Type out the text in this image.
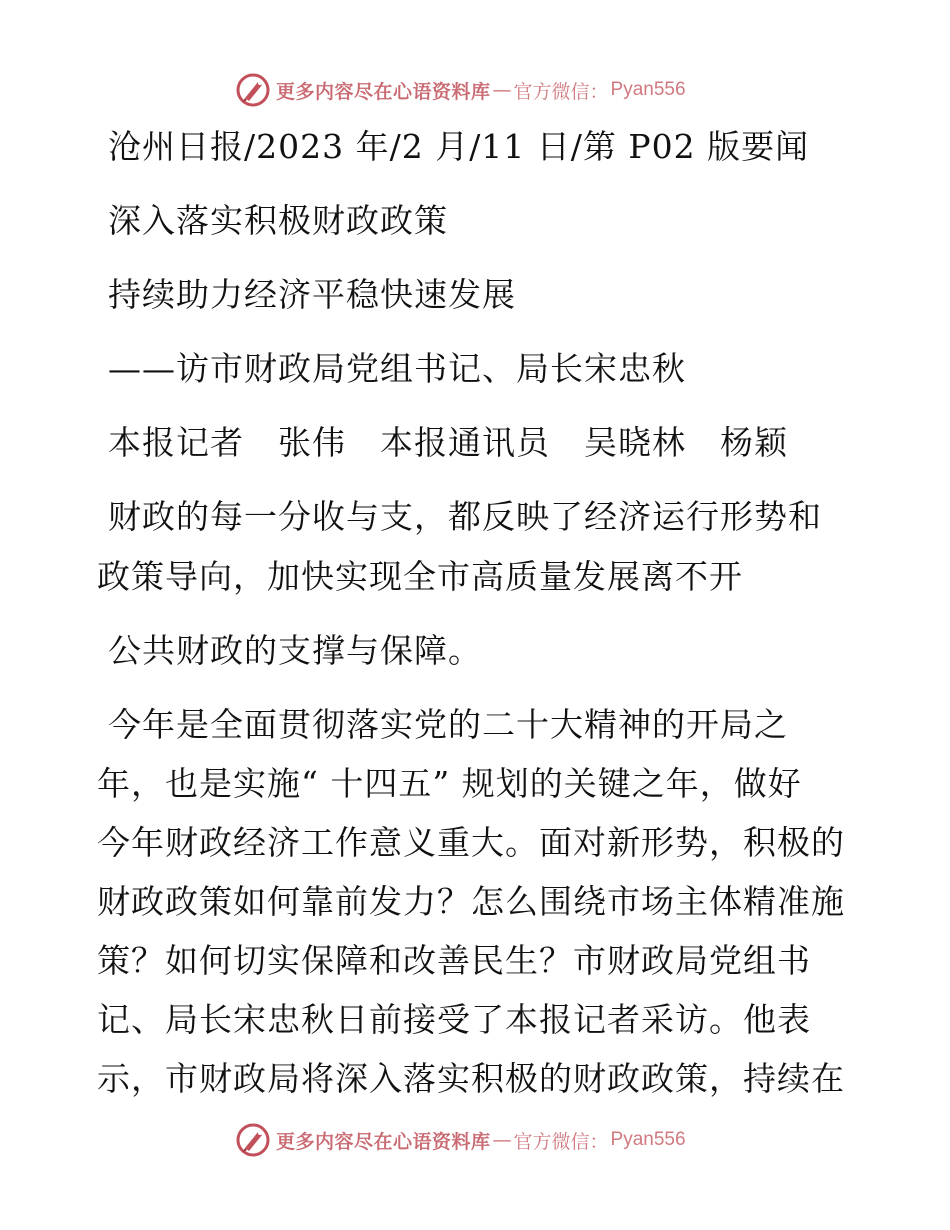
更多内容尽在心语资料库 — 官方微信： Pyan556
沧州日报/2023 年/2 月/11 日/第 P02 版要闻
深入落实积极财政政策
持续助力经济平稳快速发展
——访市财政局党组书记、局长宋忠秋
本报记者　张伟　本报通讯员　吴晓林　杨颖
财政的每一分收与支，都反映了经济运行形势和
政策导向，加快实现全市高质量发展离不开
公共财政的支撑与保障。
今年是全面贯彻落实党的二十大精神的开局之
年，也是实施“ 十四五” 规划的关键之年，做好
今年财政经济工作意义重大。面对新形势，积极的
财政政策如何靠前发力？怎么围绕市场主体精准施
策？如何切实保障和改善民生？市财政局党组书
记、局长宋忠秋日前接受了本报记者采访。他表
示，市财政局将深入落实积极的财政政策，持续在
更多内容尽在心语资料库 — 官方微信： Pyan556
